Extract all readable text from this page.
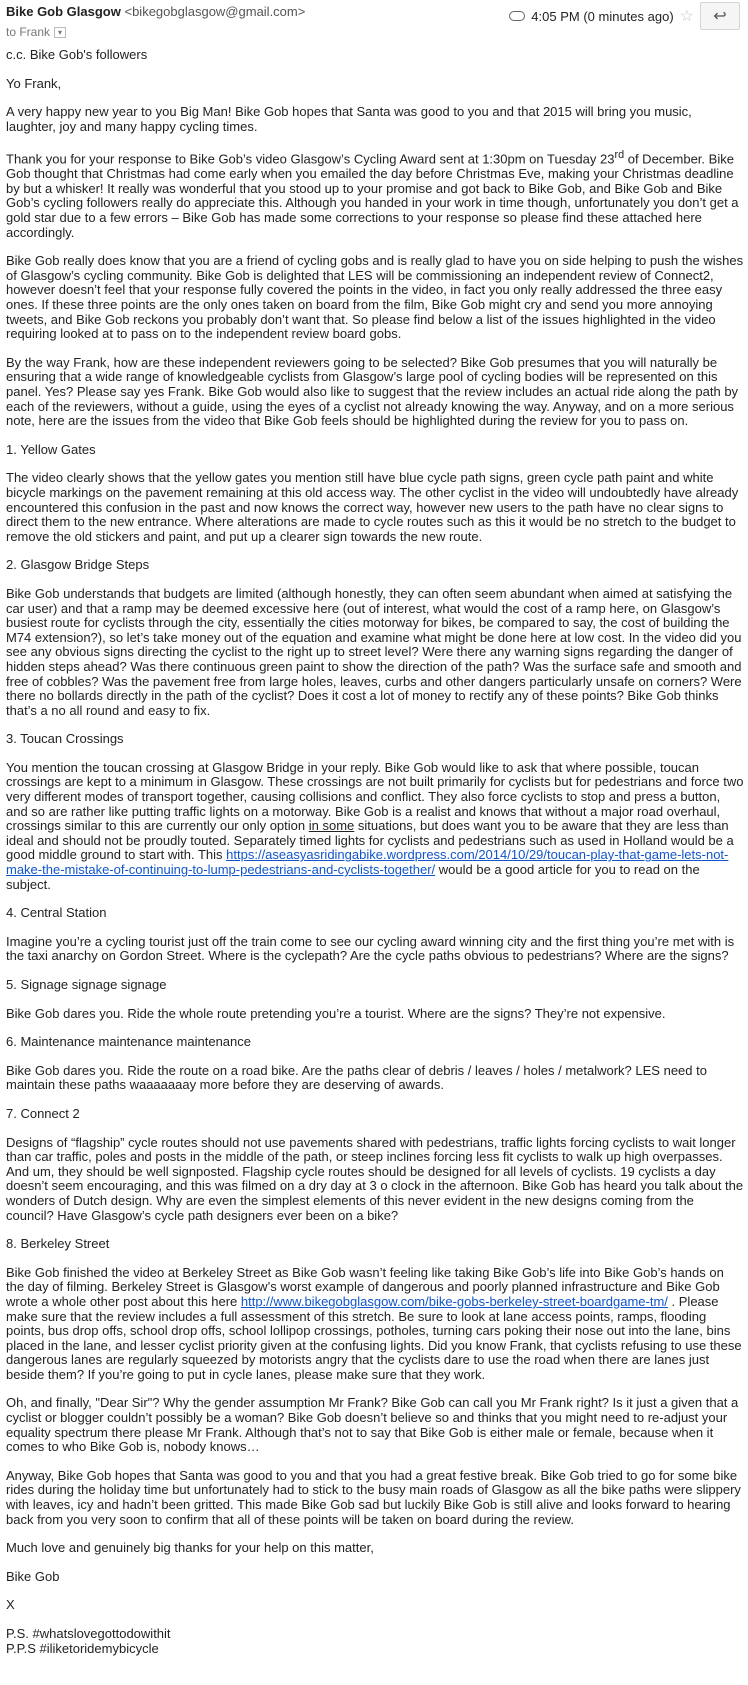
Bike Gob Glasgow <bikegobglasgow@gmail.com>
to Frank ▾
4:05 PM (0 minutes ago) ☆ ↩

c.c. Bike Gob's followers

Yo Frank,

A very happy new year to you Big Man! Bike Gob hopes that Santa was good to you and that 2015 will bring you music, laughter, joy and many happy cycling times.

Thank you for your response to Bike Gob’s video Glasgow’s Cycling Award sent at 1:30pm on Tuesday 23rd of December. Bike Gob thought that Christmas had come early when you emailed the day before Christmas Eve, making your Christmas deadline by but a whisker! It really was wonderful that you stood up to your promise and got back to Bike Gob, and Bike Gob and Bike Gob’s cycling followers really do appreciate this. Although you handed in your work in time though, unfortunately you don’t get a gold star due to a few errors – Bike Gob has made some corrections to your response so please find these attached here accordingly.

Bike Gob really does know that you are a friend of cycling gobs and is really glad to have you on side helping to push the wishes of Glasgow’s cycling community. Bike Gob is delighted that LES will be commissioning an independent review of Connect2, however doesn’t feel that your response fully covered the points in the video, in fact you only really addressed the three easy ones. If these three points are the only ones taken on board from the film, Bike Gob might cry and send you more annoying tweets, and Bike Gob reckons you probably don’t want that. So please find below a list of the issues highlighted in the video requiring looked at to pass on to the independent review board gobs.

By the way Frank, how are these independent reviewers going to be selected? Bike Gob presumes that you will naturally be ensuring that a wide range of knowledgeable cyclists from Glasgow’s large pool of cycling bodies will be represented on this panel. Yes? Please say yes Frank. Bike Gob would also like to suggest that the review includes an actual ride along the path by each of the reviewers, without a guide, using the eyes of a cyclist not already knowing the way. Anyway, and on a more serious note, here are the issues from the video that Bike Gob feels should be highlighted during the review for you to pass on.

1. Yellow Gates

The video clearly shows that the yellow gates you mention still have blue cycle path signs, green cycle path paint and white bicycle markings on the pavement remaining at this old access way. The other cyclist in the video will undoubtedly have already encountered this confusion in the past and now knows the correct way, however new users to the path have no clear signs to direct them to the new entrance. Where alterations are made to cycle routes such as this it would be no stretch to the budget to remove the old stickers and paint, and put up a clearer sign towards the new route.

2. Glasgow Bridge Steps

Bike Gob understands that budgets are limited (although honestly, they can often seem abundant when aimed at satisfying the car user) and that a ramp may be deemed excessive here (out of interest, what would the cost of a ramp here, on Glasgow’s busiest route for cyclists through the city, essentially the cities motorway for bikes, be compared to say, the cost of building the M74 extension?), so let’s take money out of the equation and examine what might be done here at low cost. In the video did you see any obvious signs directing the cyclist to the right up to street level? Were there any warning signs regarding the danger of hidden steps ahead? Was there continuous green paint to show the direction of the path? Was the surface safe and smooth and free of cobbles? Was the pavement free from large holes, leaves, curbs and other dangers particularly unsafe on corners? Were there no bollards directly in the path of the cyclist? Does it cost a lot of money to rectify any of these points? Bike Gob thinks that’s a no all round and easy to fix.

3. Toucan Crossings

You mention the toucan crossing at Glasgow Bridge in your reply. Bike Gob would like to ask that where possible, toucan crossings are kept to a minimum in Glasgow. These crossings are not built primarily for cyclists but for pedestrians and force two very different modes of transport together, causing collisions and conflict. They also force cyclists to stop and press a button, and so are rather like putting traffic lights on a motorway. Bike Gob is a realist and knows that without a major road overhaul, crossings similar to this are currently our only option in some situations, but does want you to be aware that they are less than ideal and should not be proudly touted. Separately timed lights for cyclists and pedestrians such as used in Holland would be a good middle ground to start with. This https://aseasyasridingabike.wordpress.com/2014/10/29/toucan-play-that-game-lets-not-make-the-mistake-of-continuing-to-lump-pedestrians-and-cyclists-together/ would be a good article for you to read on the subject.

4. Central Station

Imagine you’re a cycling tourist just off the train come to see our cycling award winning city and the first thing you’re met with is the taxi anarchy on Gordon Street. Where is the cyclepath? Are the cycle paths obvious to pedestrians? Where are the signs?

5. Signage signage signage

Bike Gob dares you. Ride the whole route pretending you’re a tourist. Where are the signs? They’re not expensive.

6. Maintenance maintenance maintenance

Bike Gob dares you. Ride the route on a road bike. Are the paths clear of debris / leaves / holes / metalwork? LES need to maintain these paths waaaaaaay more before they are deserving of awards.

7. Connect 2

Designs of “flagship” cycle routes should not use pavements shared with pedestrians, traffic lights forcing cyclists to wait longer than car traffic, poles and posts in the middle of the path, or steep inclines forcing less fit cyclists to walk up high overpasses. And um, they should be well signposted. Flagship cycle routes should be designed for all levels of cyclists. 19 cyclists a day doesn’t seem encouraging, and this was filmed on a dry day at 3 o clock in the afternoon. Bike Gob has heard you talk about the wonders of Dutch design. Why are even the simplest elements of this never evident in the new designs coming from the council? Have Glasgow’s cycle path designers ever been on a bike?

8. Berkeley Street

Bike Gob finished the video at Berkeley Street as Bike Gob wasn’t feeling like taking Bike Gob’s life into Bike Gob’s hands on the day of filming. Berkeley Street is Glasgow’s worst example of dangerous and poorly planned infrastructure and Bike Gob wrote a whole other post about this here http://www.bikegobglasgow.com/bike-gobs-berkeley-street-boardgame-tm/ . Please make sure that the review includes a full assessment of this stretch. Be sure to look at lane access points, ramps, flooding points, bus drop offs, school drop offs, school lollipop crossings, potholes, turning cars poking their nose out into the lane, bins placed in the lane, and lesser cyclist priority given at the confusing lights. Did you know Frank, that cyclists refusing to use these dangerous lanes are regularly squeezed by motorists angry that the cyclists dare to use the road when there are lanes just beside them? If you’re going to put in cycle lanes, please make sure that they work.

Oh, and finally, "Dear Sir"? Why the gender assumption Mr Frank? Bike Gob can call you Mr Frank right? Is it just a given that a cyclist or blogger couldn’t possibly be a woman? Bike Gob doesn’t believe so and thinks that you might need to re-adjust your equality spectrum there please Mr Frank. Although that’s not to say that Bike Gob is either male or female, because when it comes to who Bike Gob is, nobody knows…

Anyway, Bike Gob hopes that Santa was good to you and that you had a great festive break. Bike Gob tried to go for some bike rides during the holiday time but unfortunately had to stick to the busy main roads of Glasgow as all the bike paths were slippery with leaves, icy and hadn’t been gritted. This made Bike Gob sad but luckily Bike Gob is still alive and looks forward to hearing back from you very soon to confirm that all of these points will be taken on board during the review.

Much love and genuinely big thanks for your help on this matter,

Bike Gob

X

P.S. #whatslovegottodowithit

P.P.S #iliketoridemybicycle
